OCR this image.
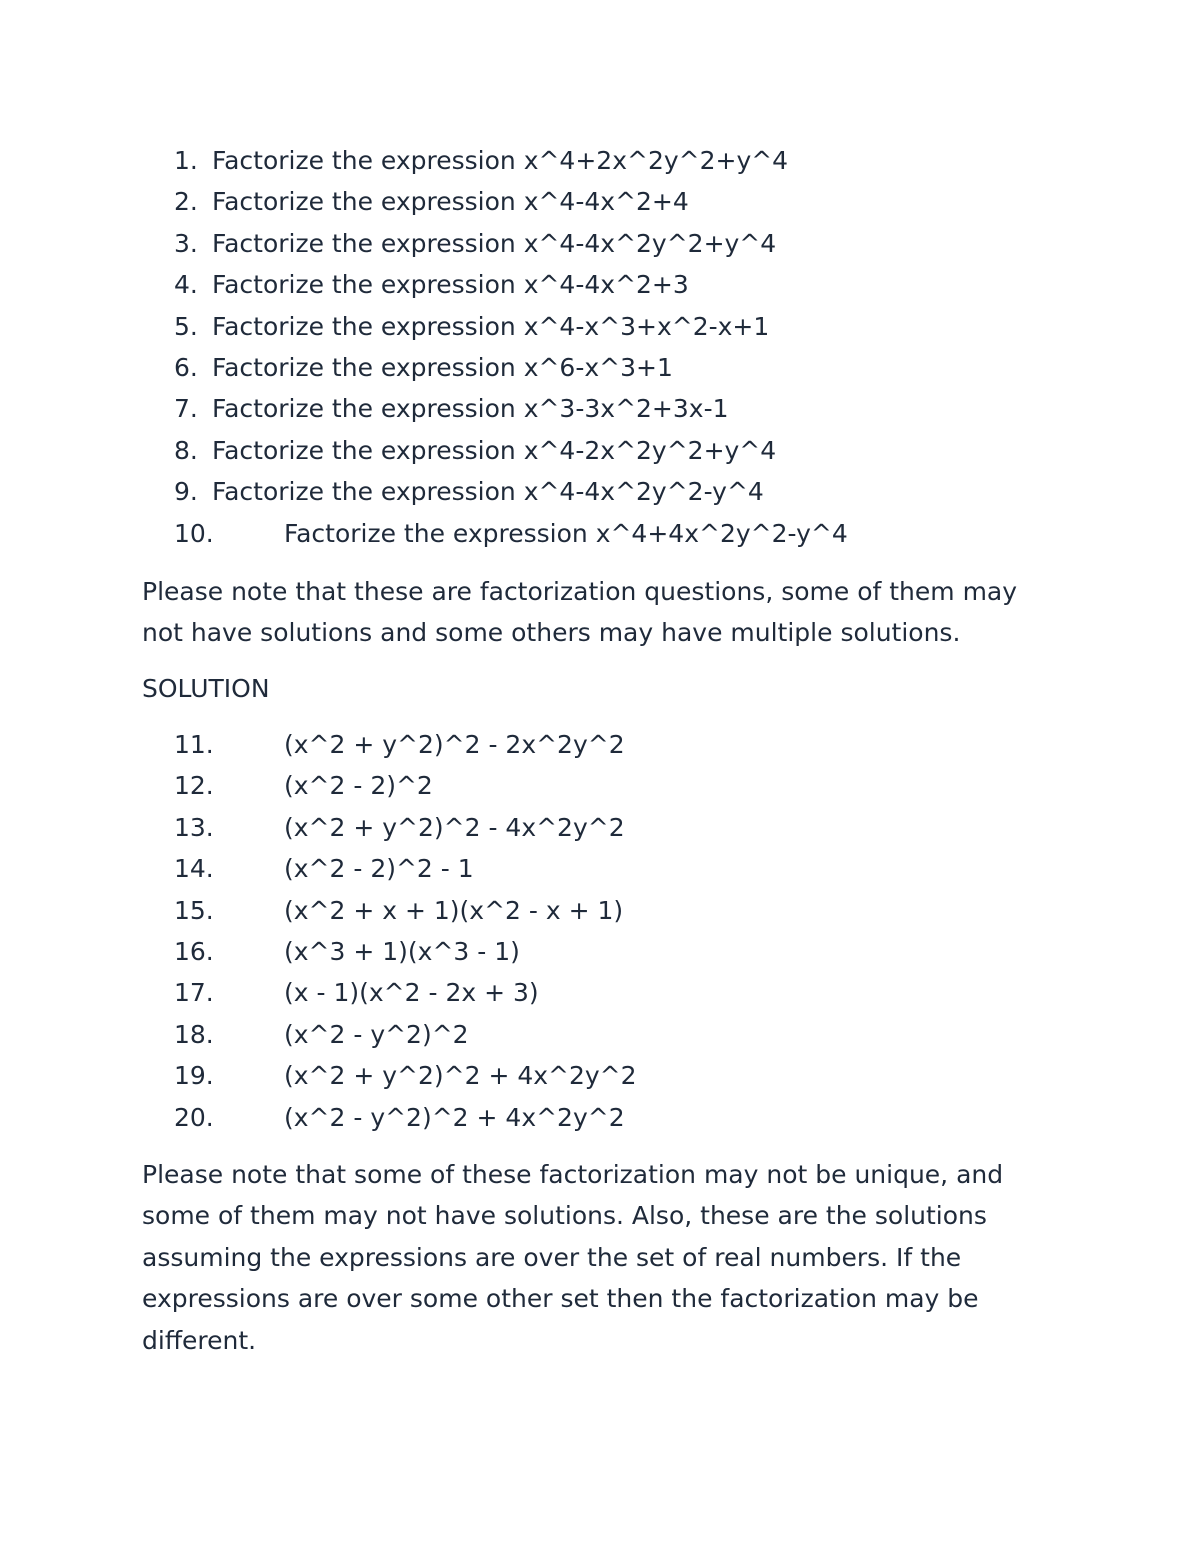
1. Factorize the expression x^4+2x^2y^2+y^4
2. Factorize the expression x^4-4x^2+4
3. Factorize the expression x^4-4x^2y^2+y^4
4. Factorize the expression x^4-4x^2+3
5. Factorize the expression x^4-x^3+x^2-x+1
6. Factorize the expression x^6-x^3+1
7. Factorize the expression x^3-3x^2+3x-1
8. Factorize the expression x^4-2x^2y^2+y^4
9. Factorize the expression x^4-4x^2y^2-y^4
10.	Factorize the expression x^4+4x^2y^2-y^4

Please note that these are factorization questions, some of them may not have solutions and some others may have multiple solutions.

SOLUTION

11.	(x^2 + y^2)^2 - 2x^2y^2
12.	(x^2 - 2)^2
13.	(x^2 + y^2)^2 - 4x^2y^2
14.	(x^2 - 2)^2 - 1
15.	(x^2 + x + 1)(x^2 - x + 1)
16.	(x^3 + 1)(x^3 - 1)
17.	(x - 1)(x^2 - 2x + 3)
18.	(x^2 - y^2)^2
19.	(x^2 + y^2)^2 + 4x^2y^2
20.	(x^2 - y^2)^2 + 4x^2y^2

Please note that some of these factorization may not be unique, and some of them may not have solutions. Also, these are the solutions assuming the expressions are over the set of real numbers. If the expressions are over some other set then the factorization may be different.
